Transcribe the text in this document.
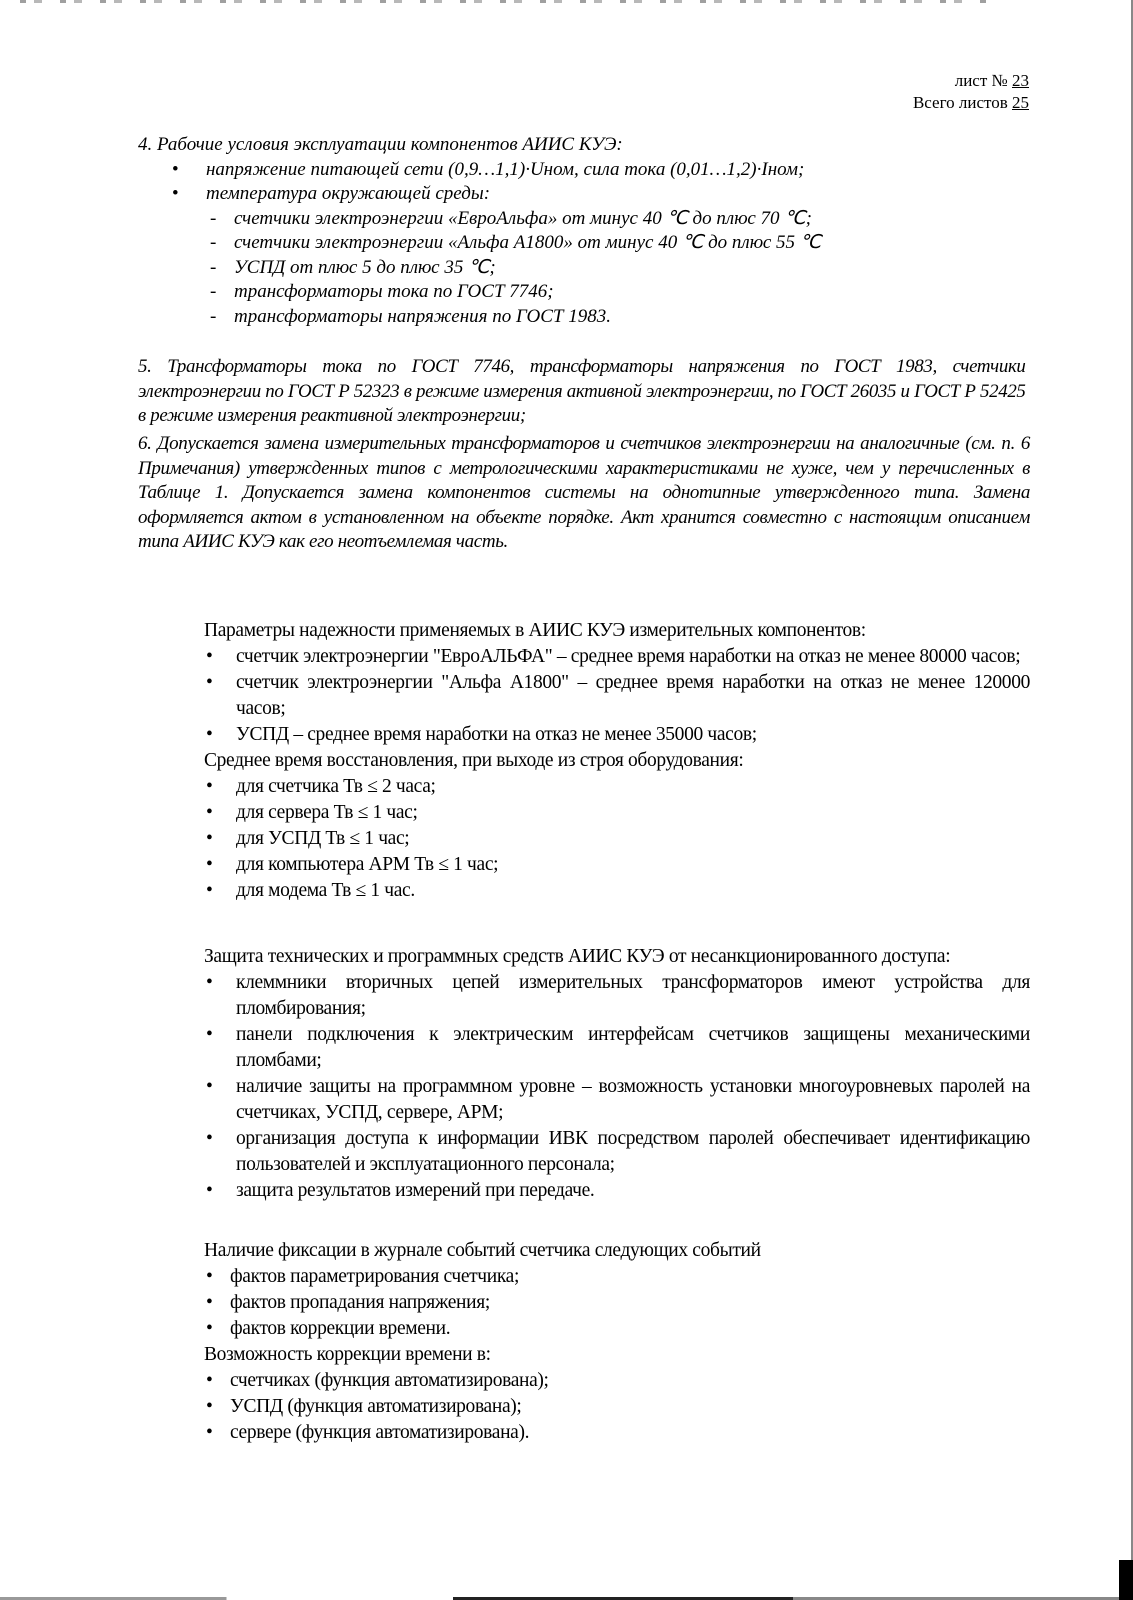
лист № 23
Всего листов 25

4. Рабочие условия эксплуатации компонентов АИИС КУЭ:

• напряжение питающей сети (0,9…1,1)·Uном, сила тока (0,01…1,2)·Iном;
• температура окружающей среды:
- счетчики электроэнергии «ЕвроАльфа» от минус 40 ℃ до плюс 70 ℃;
- счетчики электроэнергии «Альфа А1800» от минус 40 ℃ до плюс 55 ℃
- УСПД от плюс 5 до плюс 35 ℃;
- трансформаторы тока по ГОСТ 7746;
- трансформаторы напряжения по ГОСТ 1983.

5. Трансформаторы тока по ГОСТ 7746, трансформаторы напряжения по ГОСТ 1983, счетчики электроэнергии по ГОСТ Р 52323 в режиме измерения активной электроэнергии, по ГОСТ 26035 и ГОСТ Р 52425 в режиме измерения реактивной электроэнергии;

6. Допускается замена измерительных трансформаторов и счетчиков электроэнергии на аналогичные (см. п. 6 Примечания) утвержденных типов с метрологическими характеристиками не хуже, чем у перечисленных в Таблице 1. Допускается замена компонентов системы на однотипные утвержденного типа. Замена оформляется актом в установленном на объекте порядке. Акт хранится совместно с настоящим описанием типа АИИС КУЭ как его неотъемлемая часть.

Параметры надежности применяемых в АИИС КУЭ измерительных компонентов:

• счетчик электроэнергии "ЕвроАЛЬФА" – среднее время наработки на отказ не менее 80000 часов;
• счетчик электроэнергии "Альфа А1800" – среднее время наработки на отказ не менее 120000 часов;
• УСПД – среднее время наработки на отказ не менее 35000 часов;

Среднее время восстановления, при выходе из строя оборудования:

• для счетчика Тв ≤ 2 часа;
• для сервера Тв ≤ 1 час;
• для УСПД Тв ≤ 1 час;
• для компьютера АРМ Тв ≤ 1 час;
• для модема Тв ≤ 1 час.

Защита технических и программных средств АИИС КУЭ от несанкционированного доступа:

• клеммники вторичных цепей измерительных трансформаторов имеют устройства для пломбирования;
• панели подключения к электрическим интерфейсам счетчиков защищены механическими пломбами;
• наличие защиты на программном уровне – возможность установки многоуровневых паролей на счетчиках, УСПД, сервере, АРМ;
• организация доступа к информации ИВК посредством паролей обеспечивает идентификацию пользователей и эксплуатационного персонала;
• защита результатов измерений при передаче.

Наличие фиксации в журнале событий счетчика следующих событий

• фактов параметрирования счетчика;
• фактов пропадания напряжения;
• фактов коррекции времени.

Возможность коррекции времени в:

• счетчиках (функция автоматизирована);
• УСПД (функция автоматизирована);
• сервере (функция автоматизирована).
